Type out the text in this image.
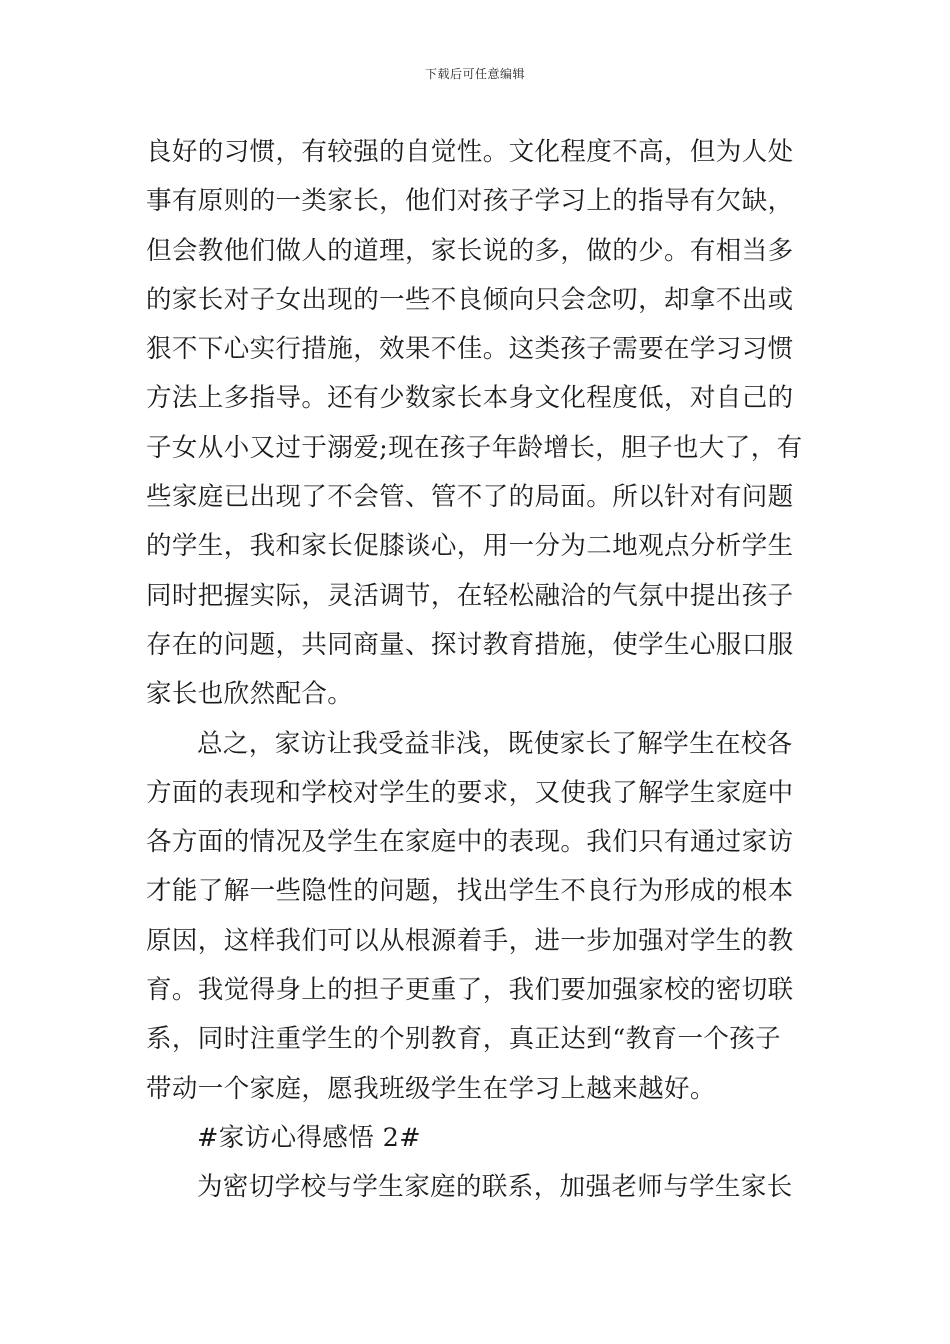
下载后可任意编辑
良好的习惯，有较强的自觉性。文化程度不高，但为人处
事有原则的一类家长，他们对孩子学习上的指导有欠缺，
但会教他们做人的道理，家长说的多，做的少。有相当多
的家长对子女出现的一些不良倾向只会念叨，却拿不出或
狠不下心实行措施，效果不佳。这类孩子需要在学习习惯
方法上多指导。还有少数家长本身文化程度低，对自己的
子女从小又过于溺爱;现在孩子年龄增长，胆子也大了，有
些家庭已出现了不会管、管不了的局面。所以针对有问题
的学生，我和家长促膝谈心，用一分为二地观点分析学生
同时把握实际，灵活调节，在轻松融洽的气氛中提出孩子
存在的问题，共同商量、探讨教育措施，使学生心服口服
家长也欣然配合。
总之，家访让我受益非浅，既使家长了解学生在校各
方面的表现和学校对学生的要求，又使我了解学生家庭中
各方面的情况及学生在家庭中的表现。我们只有通过家访
才能了解一些隐性的问题，找出学生不良行为形成的根本
原因，这样我们可以从根源着手，进一步加强对学生的教
育。我觉得身上的担子更重了，我们要加强家校的密切联
系，同时注重学生的个别教育，真正达到“教育一个孩子
带动一个家庭，愿我班级学生在学习上越来越好。
#家访心得感悟 2#
为密切学校与学生家庭的联系，加强老师与学生家长
